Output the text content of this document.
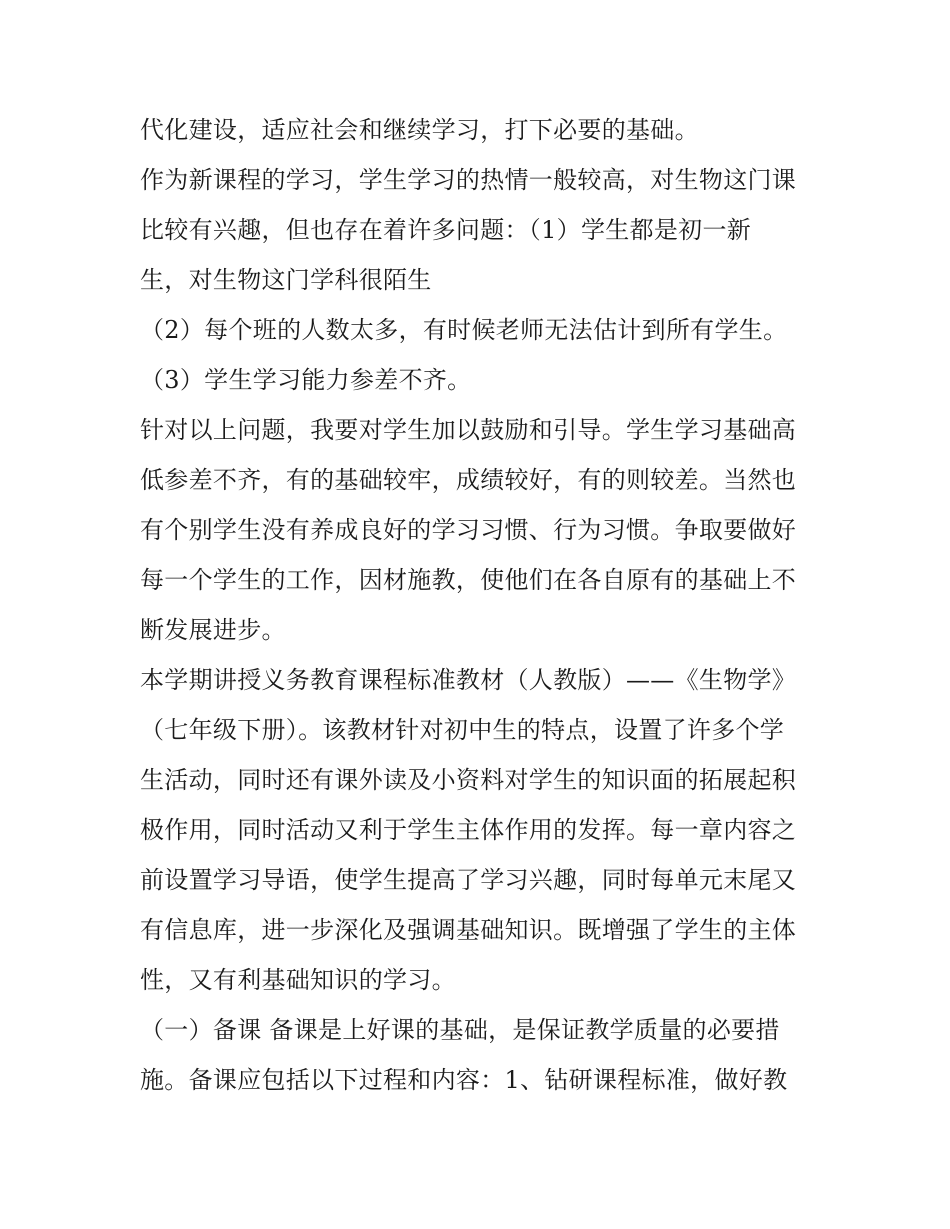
代化建设，适应社会和继续学习，打下必要的基础。
作为新课程的学习，学生学习的热情一般较高，对生物这门课
比较有兴趣，但也存在着许多问题：（1）学生都是初一新
生，对生物这门学科很陌生
（2）每个班的人数太多，有时候老师无法估计到所有学生。
（3）学生学习能力参差不齐。
针对以上问题，我要对学生加以鼓励和引导。学生学习基础高
低参差不齐，有的基础较牢，成绩较好，有的则较差。当然也
有个别学生没有养成良好的学习习惯、行为习惯。争取要做好
每一个学生的工作，因材施教，使他们在各自原有的基础上不
断发展进步。
本学期讲授义务教育课程标准教材（人教版）——《生物学》
（七年级下册）。该教材针对初中生的特点，设置了许多个学
生活动，同时还有课外读及小资料对学生的知识面的拓展起积
极作用，同时活动又利于学生主体作用的发挥。每一章内容之
前设置学习导语，使学生提高了学习兴趣，同时每单元末尾又
有信息库，进一步深化及强调基础知识。既增强了学生的主体
性，又有利基础知识的学习。
（一）备课 备课是上好课的基础，是保证教学质量的必要措
施。备课应包括以下过程和内容：1、钻研课程标准，做好教
